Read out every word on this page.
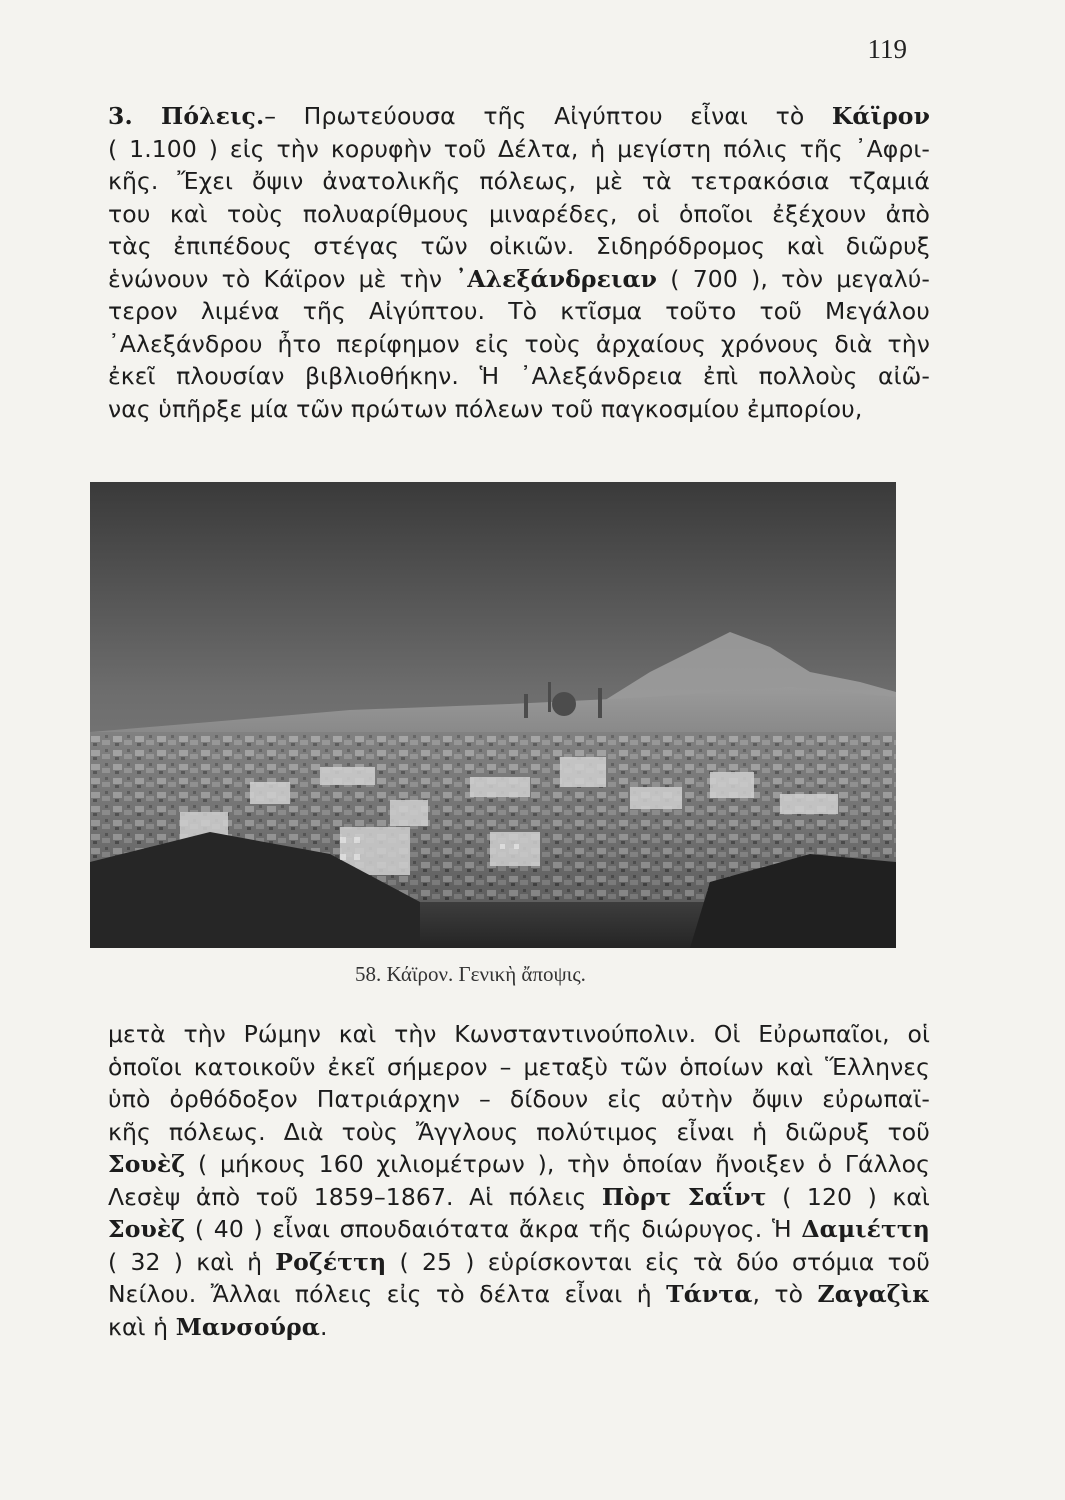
119
3. Πόλεις.– Πρωτεύουσα τῆς Αἰγύπτου εἶναι τὸ Κάϊρον
( 1.100 ) εἰς τὴν κορυφὴν τοῦ Δέλτα, ἡ μεγίστη πόλις τῆς ᾿Αφρι-
κῆς. Ἔχει ὄψιν ἀνατολικῆς πόλεως, μὲ τὰ τετρακόσια τζαμιά
του καὶ τοὺς πολυαρίθμους μιναρέδες, οἱ ὁποῖοι ἐξέχουν ἀπὸ
τὰς ἐπιπέδους στέγας τῶν οἰκιῶν. Σιδηρόδρομος καὶ διῶρυξ
ἑνώνουν τὸ Κάϊρον μὲ τὴν ᾿Αλεξάνδρειαν ( 700 ), τὸν μεγαλύ-
τερον λιμένα τῆς Αἰγύπτου. Τὸ κτῖσμα τοῦτο τοῦ Μεγάλου
᾿Αλεξάνδρου ἦτο περίφημον εἰς τοὺς ἀρχαίους χρόνους διὰ τὴν
ἐκεῖ πλουσίαν βιβλιοθήκην. Ἡ ᾿Αλεξάνδρεια ἐπὶ πολλοὺς αἰῶ-
νας ὑπῆρξε μία τῶν πρώτων πόλεων τοῦ παγκοσμίου ἐμπορίου,
58. Κάϊρον. Γενικὴ ἄποψις.
μετὰ τὴν Ρώμην καὶ τὴν Κωνσταντινούπολιν. Οἱ Εὐρωπαῖοι, οἱ
ὁποῖοι κατοικοῦν ἐκεῖ σήμερον – μεταξὺ τῶν ὁποίων καὶ Ἕλληνες
ὑπὸ ὀρθόδοξον Πατριάρχην – δίδουν εἰς αὐτὴν ὄψιν εὐρωπαϊ-
κῆς πόλεως. Διὰ τοὺς Ἄγγλους πολύτιμος εἶναι ἡ διῶρυξ τοῦ
Σουὲζ ( μήκους 160 χιλιομέτρων ), τὴν ὁποίαν ἤνοιξεν ὁ Γάλλος
Λεσὲψ ἀπὸ τοῦ 1859–1867. Αἱ πόλεις Πὸρτ Σαΐντ ( 120 ) καὶ
Σουὲζ ( 40 ) εἶναι σπουδαιότατα ἄκρα τῆς διώρυγος. Ἡ Δαμιέττη
( 32 ) καὶ ἡ Ροζέττη ( 25 ) εὑρίσκονται εἰς τὰ δύο στόμια τοῦ
Νείλου. Ἄλλαι πόλεις εἰς τὸ δέλτα εἶναι ἡ Τάντα, τὸ Ζαγαζὶκ
καὶ ἡ Μανσούρα.
